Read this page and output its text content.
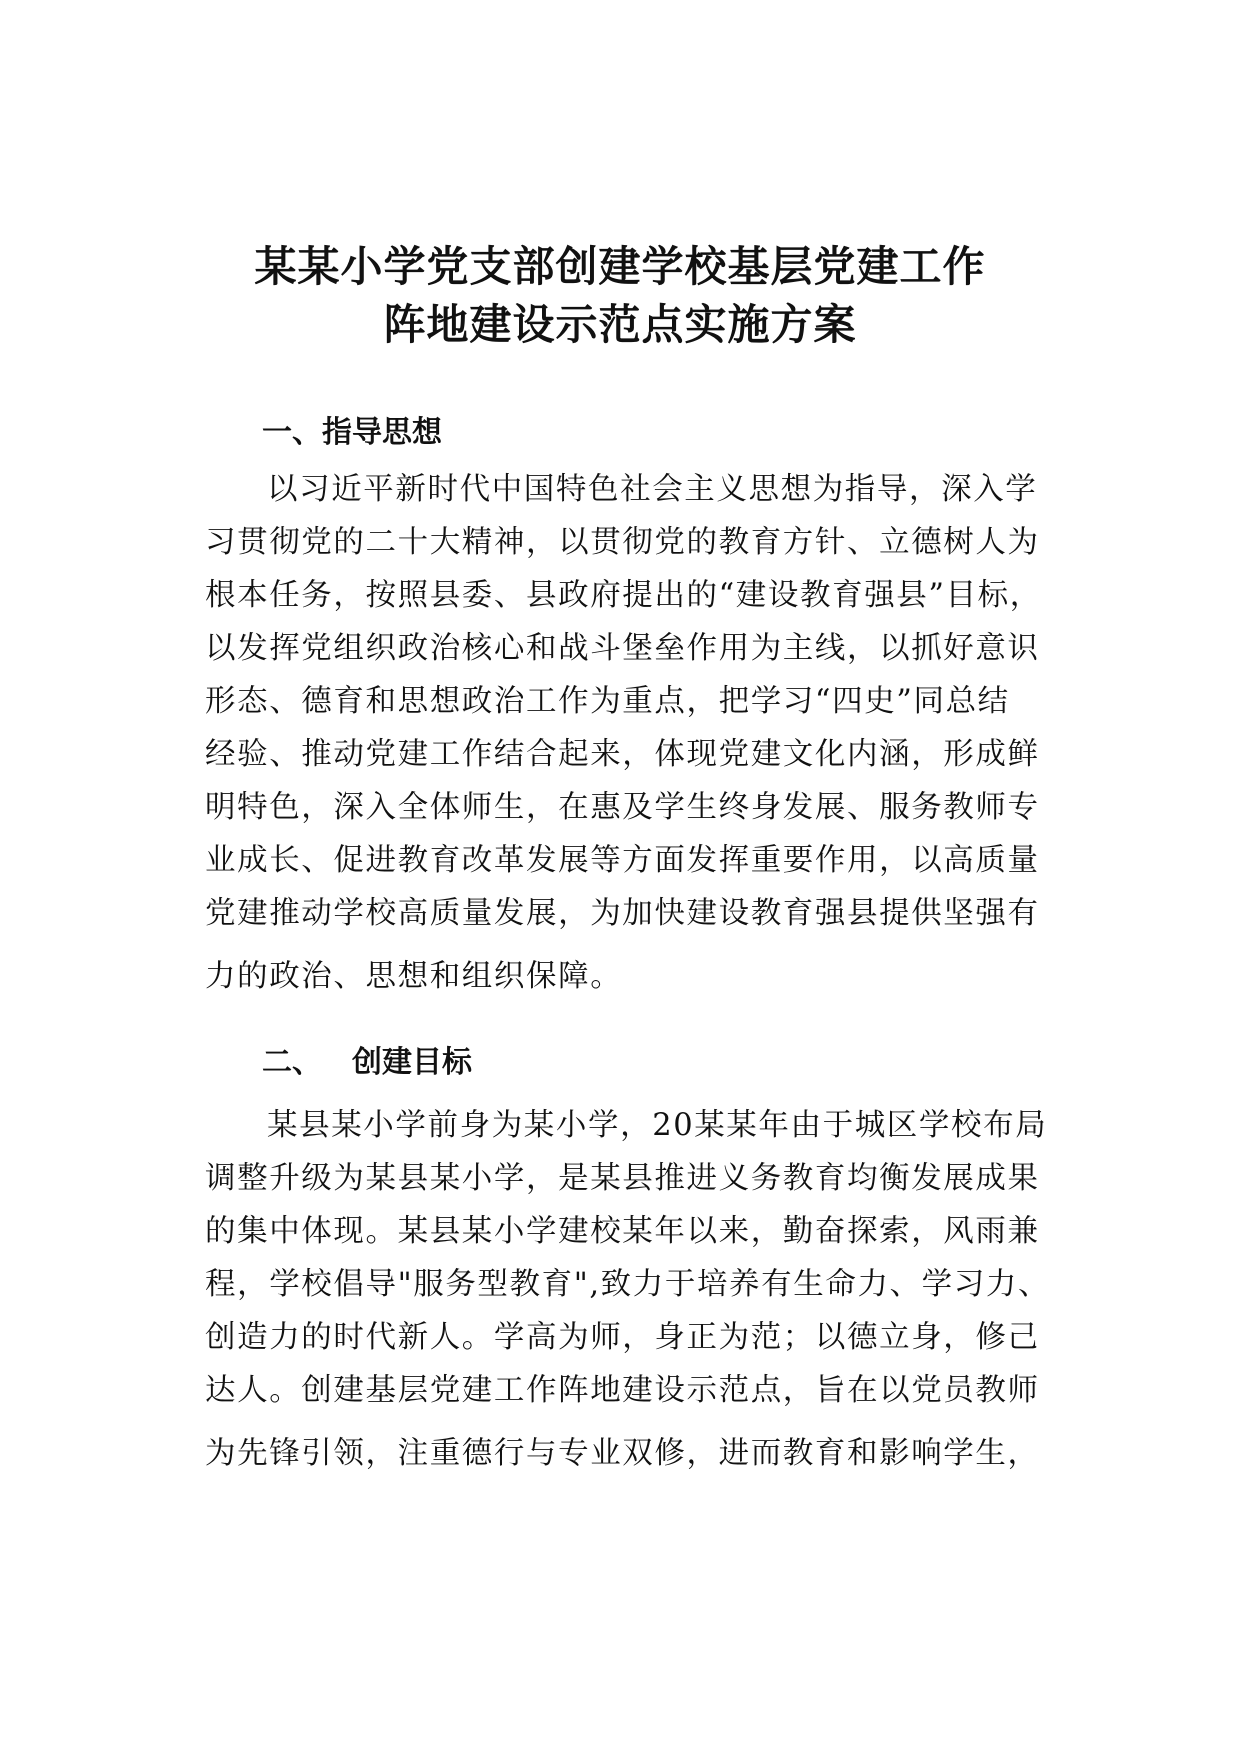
某某小学党支部创建学校基层党建工作
阵地建设示范点实施方案
一、指导思想
以习近平新时代中国特色社会主义思想为指导，深入学
习贯彻党的二十大精神，以贯彻党的教育方针、立德树人为
根本任务，按照县委、县政府提出的“建设教育强县”目标，
以发挥党组织政治核心和战斗堡垒作用为主线，以抓好意识
形态、德育和思想政治工作为重点，把学习“四史”同总结
经验、推动党建工作结合起来，体现党建文化内涵，形成鲜
明特色，深入全体师生，在惠及学生终身发展、服务教师专
业成长、促进教育改革发展等方面发挥重要作用，以高质量
党建推动学校高质量发展，为加快建设教育强县提供坚强有
力的政治、思想和组织保障。
二、 创建目标
某县某小学前身为某小学，20某某年由于城区学校布局
调整升级为某县某小学，是某县推进义务教育均衡发展成果
的集中体现。某县某小学建校某年以来，勤奋探索，风雨兼
程，学校倡导"服务型教育",致力于培养有生命力、学习力、
创造力的时代新人。学高为师，身正为范；以德立身，修己
达人。创建基层党建工作阵地建设示范点，旨在以党员教师
为先锋引领，注重德行与专业双修，进而教育和影响学生，
